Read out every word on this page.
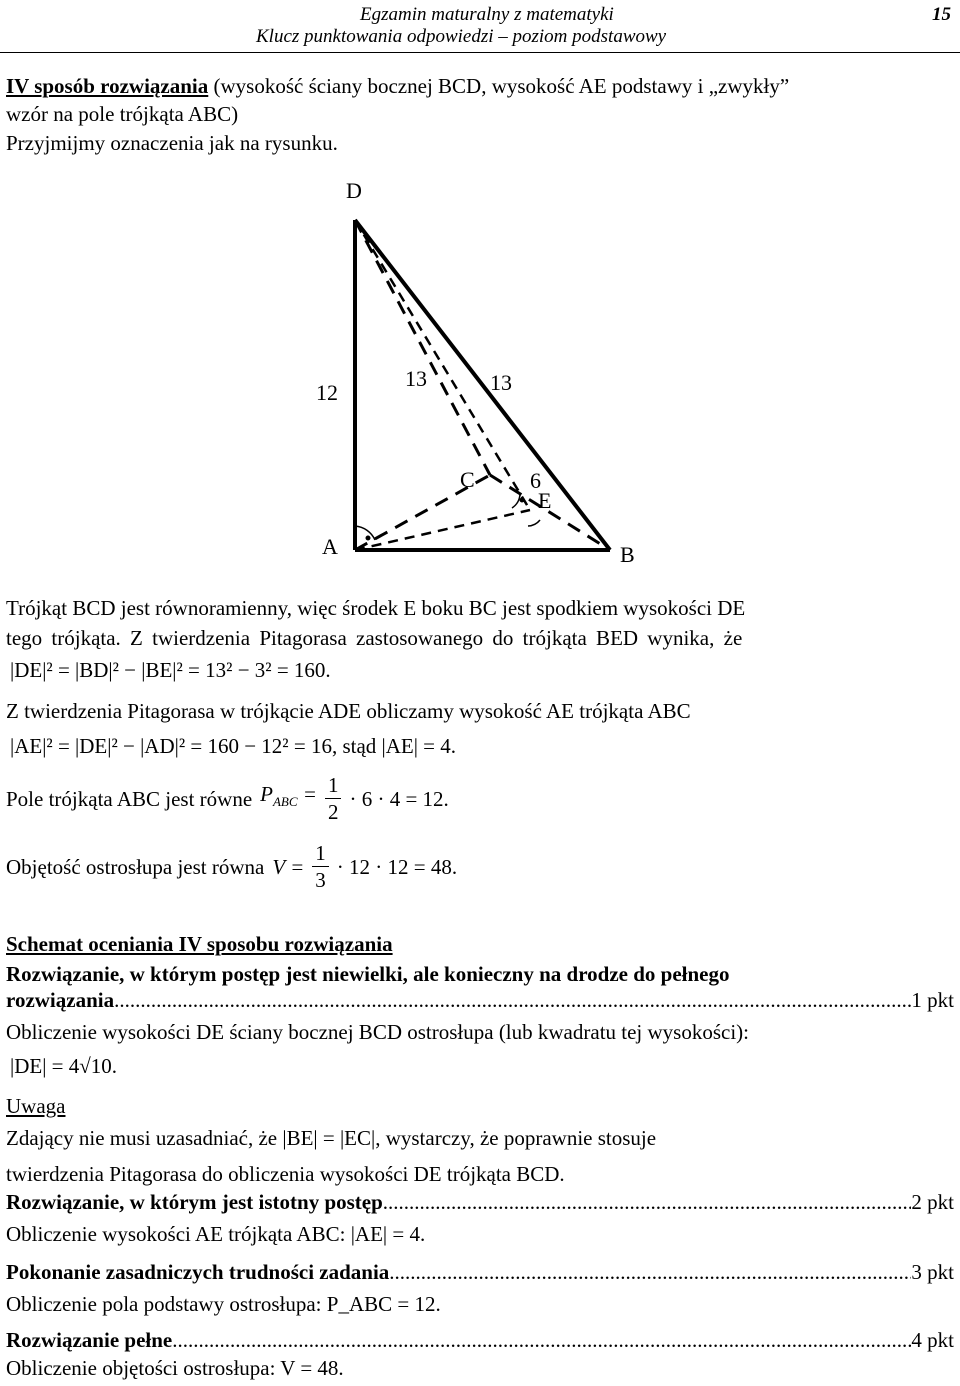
Egzamin maturalny z matematyki
Klucz punktowania odpowiedzi – poziom podstawowy
15
IV sposób rozwiązania (wysokość ściany bocznej BCD, wysokość AE podstawy i „zwykły”
wzór na pole trójkąta ABC)
Przyjmijmy oznaczenia jak na rysunku.
D
A	B
C
E
12
13	13
6
Trójkąt BCD jest równoramienny, więc środek E boku BC jest spodkiem wysokości DE
tego trójkąta. Z twierdzenia Pitagorasa zastosowanego do trójkąta BED wynika, że
|DE|² = |BD|² − |BE|² = 13² − 3² = 160.
Z twierdzenia Pitagorasa w trójkącie ADE obliczamy wysokość AE trójkąta ABC
|AE|² = |DE|² − |AD|² = 160 − 12² = 16, stąd |AE| = 4.
Pole trójkąta ABC jest równe $P_{ABC} = \frac{1}{2} \cdot 6 \cdot 4 = 12$.
Objętość ostrosłupa jest równa $V = \frac{1}{3} \cdot 12 \cdot 12 = 48$.
Schemat oceniania IV sposobu rozwiązania
Rozwiązanie, w którym postęp jest niewielki, ale konieczny na drodze do pełnego
rozwiązania .....	1 pkt
Obliczenie wysokości DE ściany bocznej BCD ostrosłupa (lub kwadratu tej wysokości):
|DE| = 4√10.
Uwaga
Zdający nie musi uzasadniać, że |BE| = |EC|, wystarczy, że poprawnie stosuje
twierdzenia Pitagorasa do obliczenia wysokości DE trójkąta BCD.
Rozwiązanie, w którym jest istotny postęp .....	2 pkt
Obliczenie wysokości AE trójkąta ABC: |AE| = 4.
Pokonanie zasadniczych trudności zadania .....	3 pkt
Obliczenie pola podstawy ostrosłupa: P_ABC = 12.
Rozwiązanie pełne .....	4 pkt
Obliczenie objętości ostrosłupa: V = 48.
